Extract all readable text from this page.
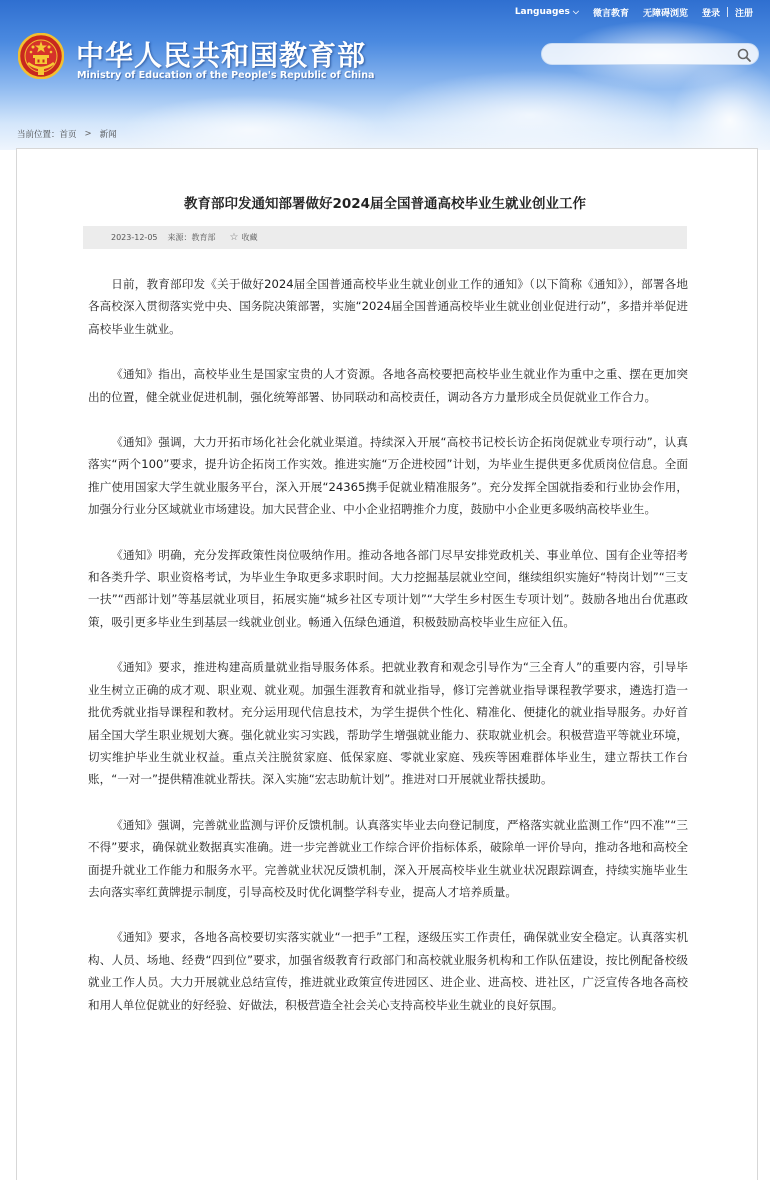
Languages ⌵	微言教育	无障碍浏览	登录	注册
中华人民共和国教育部
Ministry of Education of the People's Republic of China
当前位置： 首页 > 新闻
教育部印发通知部署做好2024届全国普通高校毕业生就业创业工作
2023-12-05 来源：教育部 ☆ 收藏

日前，教育部印发《关于做好2024届全国普通高校毕业生就业创业工作的通知》（以下简称《通知》），部署各地各高校深入贯彻落实党中央、国务院决策部署，实施“2024届全国普通高校毕业生就业创业促进行动”，多措并举促进高校毕业生就业。

《通知》指出，高校毕业生是国家宝贵的人才资源。各地各高校要把高校毕业生就业作为重中之重、摆在更加突出的位置，健全就业促进机制，强化统筹部署、协同联动和高校责任，调动各方力量形成全员促就业工作合力。

《通知》强调，大力开拓市场化社会化就业渠道。持续深入开展“高校书记校长访企拓岗促就业专项行动”，认真落实“两个100”要求，提升访企拓岗工作实效。推进实施“万企进校园”计划，为毕业生提供更多优质岗位信息。全面推广使用国家大学生就业服务平台，深入开展“24365携手促就业精准服务”。充分发挥全国就指委和行业协会作用，加强分行业分区域就业市场建设。加大民营企业、中小企业招聘推介力度，鼓励中小企业更多吸纳高校毕业生。

《通知》明确，充分发挥政策性岗位吸纳作用。推动各地各部门尽早安排党政机关、事业单位、国有企业等招考和各类升学、职业资格考试，为毕业生争取更多求职时间。大力挖掘基层就业空间，继续组织实施好“特岗计划”“三支一扶”“西部计划”等基层就业项目，拓展实施“城乡社区专项计划”“大学生乡村医生专项计划”。鼓励各地出台优惠政策，吸引更多毕业生到基层一线就业创业。畅通入伍绿色通道，积极鼓励高校毕业生应征入伍。

《通知》要求，推进构建高质量就业指导服务体系。把就业教育和观念引导作为“三全育人”的重要内容，引导毕业生树立正确的成才观、职业观、就业观。加强生涯教育和就业指导，修订完善就业指导课程教学要求，遴选打造一批优秀就业指导课程和教材。充分运用现代信息技术，为学生提供个性化、精准化、便捷化的就业指导服务。办好首届全国大学生职业规划大赛。强化就业实习实践，帮助学生增强就业能力、获取就业机会。积极营造平等就业环境，切实维护毕业生就业权益。重点关注脱贫家庭、低保家庭、零就业家庭、残疾等困难群体毕业生，建立帮扶工作台账，“一对一”提供精准就业帮扶。深入实施“宏志助航计划”。推进对口开展就业帮扶援助。

《通知》强调，完善就业监测与评价反馈机制。认真落实毕业去向登记制度，严格落实就业监测工作“四不准”“三不得”要求，确保就业数据真实准确。进一步完善就业工作综合评价指标体系，破除单一评价导向，推动各地和高校全面提升就业工作能力和服务水平。完善就业状况反馈机制，深入开展高校毕业生就业状况跟踪调查，持续实施毕业生去向落实率红黄牌提示制度，引导高校及时优化调整学科专业，提高人才培养质量。

《通知》要求，各地各高校要切实落实就业“一把手”工程，逐级压实工作责任，确保就业安全稳定。认真落实机构、人员、场地、经费“四到位”要求，加强省级教育行政部门和高校就业服务机构和工作队伍建设，按比例配备校级就业工作人员。大力开展就业总结宣传，推进就业政策宣传进园区、进企业、进高校、进社区，广泛宣传各地各高校和用人单位促就业的好经验、好做法，积极营造全社会关心支持高校毕业生就业的良好氛围。
